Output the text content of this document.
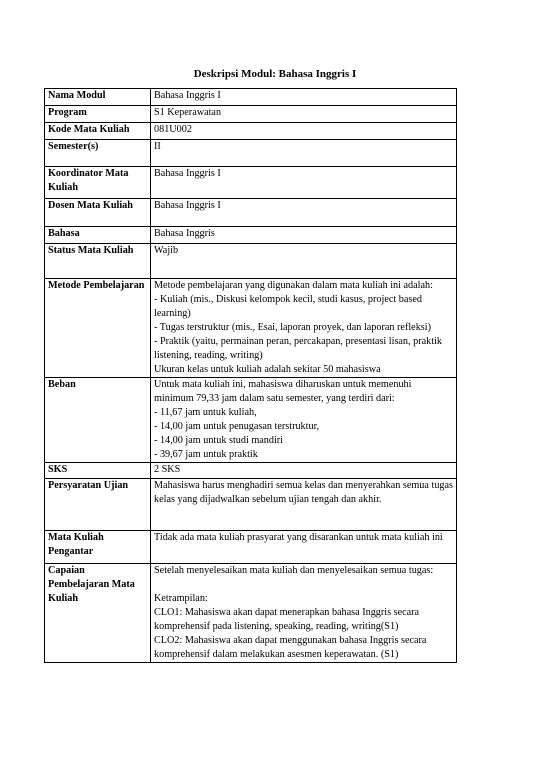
Deskripsi Modul: Bahasa Inggris I
Nama Modul	Bahasa Inggris I

Program	S1 Keperawatan

Kode Mata Kuliah	081U002

Semester(s)	II

Koordinator Mata Kuliah	Bahasa Inggris I

Dosen Mata Kuliah	Bahasa Inggris I

Bahasa	Bahasa Inggris

Status Mata Kuliah	Wajib

Metode Pembelajaran	Metode pembelajaran yang digunakan dalam mata kuliah ini adalah:
- Kuliah (mis., Diskusi kelompok kecil, studi kasus, project based learning)
- Tugas terstruktur (mis., Esai, laporan proyek, dan laporan refleksi)
- Praktik (yaitu, permainan peran, percakapan, presentasi lisan, praktik listening, reading, writing)
Ukuran kelas untuk kuliah adalah sekitar 50 mahasiswa

Beban	Untuk mata kuliah ini, mahasiswa diharuskan untuk memenuhi minimum 79,33 jam dalam satu semester, yang terdiri dari:
- 11,67 jam untuk kuliah,
- 14,00 jam untuk penugasan terstruktur,
- 14,00 jam untuk studi mandiri
- 39,67 jam untuk praktik

SKS	2 SKS

Persyaratan Ujian	Mahasiswa harus menghadiri semua kelas dan menyerahkan semua tugas kelas yang dijadwalkan sebelum ujian tengah dan akhir.

Mata Kuliah Pengantar	Tidak ada mata kuliah prasyarat yang disarankan untuk mata kuliah ini

Capaian Pembelajaran Mata Kuliah	Setelah menyelesaikan mata kuliah dan menyelesaikan semua tugas:
Ketrampilan:
CLO1: Mahasiswa akan dapat menerapkan bahasa Inggris secara komprehensif pada listening, speaking, reading, writing(S1)
CLO2: Mahasiswa akan dapat menggunakan bahasa Inggris secara komprehensif dalam melakukan asesmen keperawatan. (S1)
